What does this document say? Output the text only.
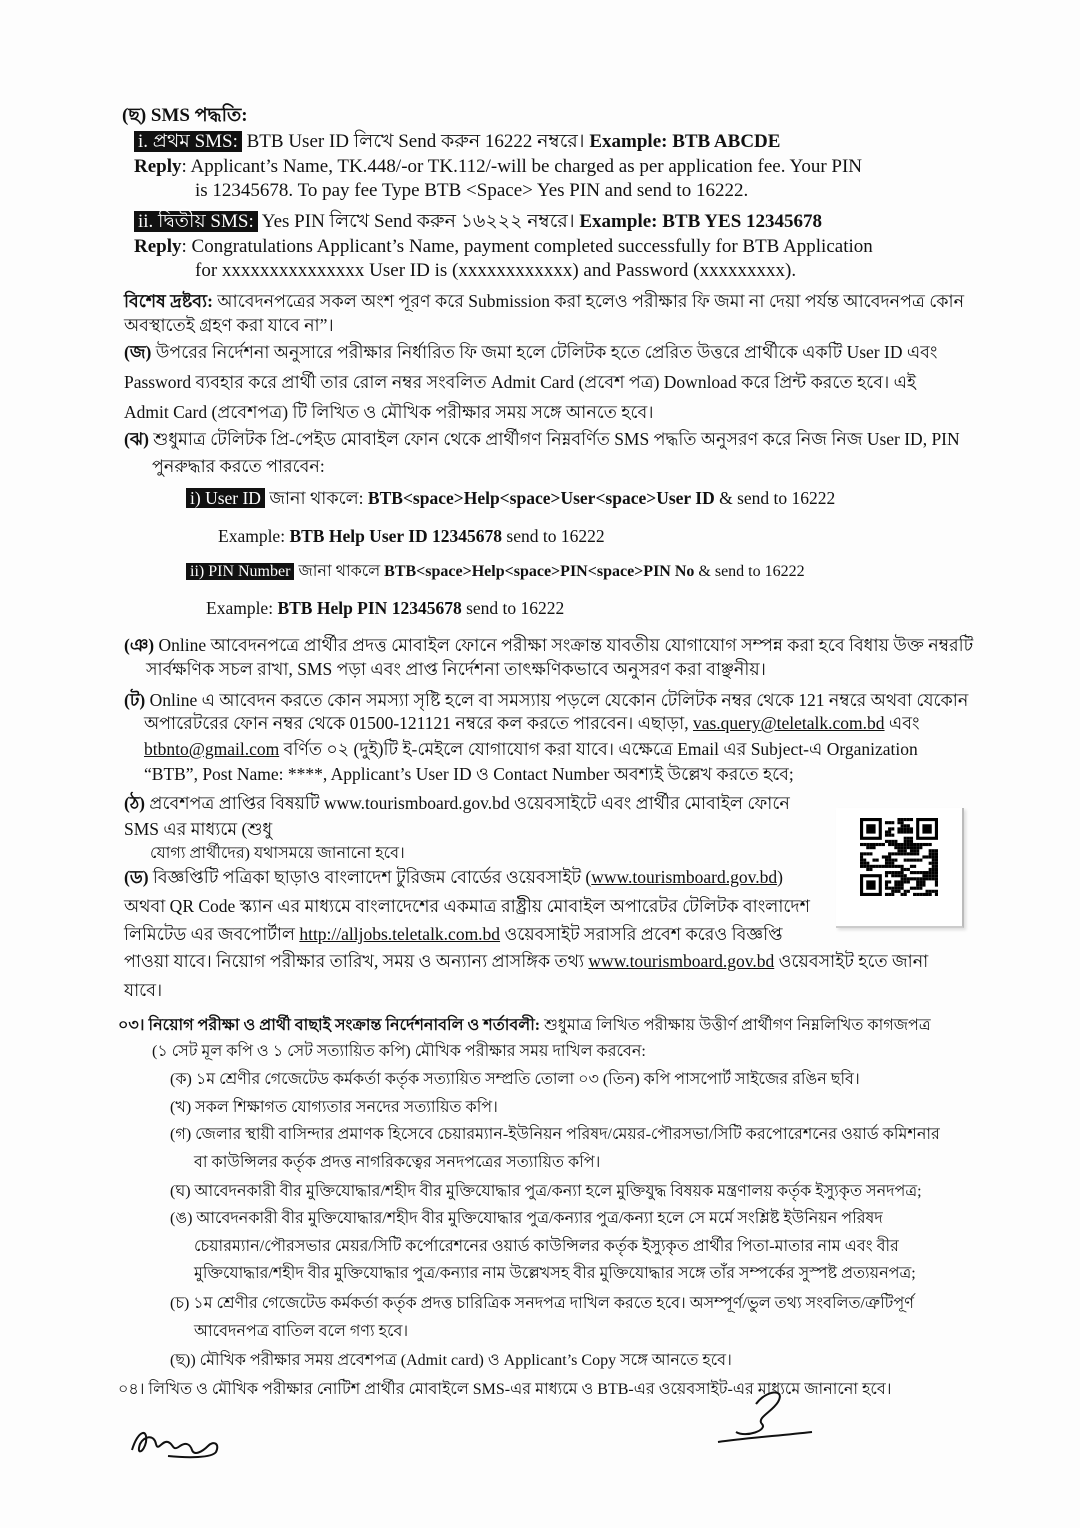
(ছ) SMS পদ্ধতি:
i. প্রথম SMS: BTB User ID লিখে Send করুন 16222 নম্বরে। Example: BTB ABCDE
Reply: Applicant’s Name, TK.448/-or TK.112/-will be charged as per application fee. Your PIN
is 12345678. To pay fee Type BTB <Space> Yes PIN and send to 16222.
ii. দ্বিতীয় SMS: Yes PIN লিখে Send করুন ১৬২২২ নম্বরে। Example: BTB YES 12345678
Reply: Congratulations Applicant’s Name, payment completed successfully for BTB Application
for xxxxxxxxxxxxxxx User ID is (xxxxxxxxxxxx) and Password (xxxxxxxxx).
বিশেষ দ্রষ্টব্য: আবেদনপত্রের সকল অংশ পূরণ করে Submission করা হলেও পরীক্ষার ফি জমা না দেয়া পর্যন্ত আবেদনপত্র কোন
অবস্থাতেই গ্রহণ করা যাবে না”।
(জ) উপরের নির্দেশনা অনুসারে পরীক্ষার নির্ধারিত ফি জমা হলে টেলিটক হতে প্রেরিত উত্তরে প্রার্থীকে একটি User ID এবং
Password ব্যবহার করে প্রার্থী তার রোল নম্বর সংবলিত Admit Card (প্রবেশ পত্র) Download করে প্রিন্ট করতে হবে। এই
Admit Card (প্রবেশপত্র) টি লিখিত ও মৌখিক পরীক্ষার সময় সঙ্গে আনতে হবে।
(ঝ) শুধুমাত্র টেলিটক প্রি-পেইড মোবাইল ফোন থেকে প্রার্থীগণ নিম্নবর্ণিত SMS পদ্ধতি অনুসরণ করে নিজ নিজ User ID, PIN
পুনরুদ্ধার করতে পারবেন:
i) User ID জানা থাকলে: BTB<space>Help<space>User<space>User ID & send to 16222
Example: BTB Help User ID 12345678 send to 16222
ii) PIN Number জানা থাকলে BTB<space>Help<space>PIN<space>PIN No & send to 16222
Example: BTB Help PIN 12345678 send to 16222
(ঞ) Online আবেদনপত্রে প্রার্থীর প্রদত্ত মোবাইল ফোনে পরীক্ষা সংক্রান্ত যাবতীয় যোগাযোগ সম্পন্ন করা হবে বিধায় উক্ত নম্বরটি
সার্বক্ষণিক সচল রাখা, SMS পড়া এবং প্রাপ্ত নির্দেশনা তাৎক্ষণিকভাবে অনুসরণ করা বাঞ্ছনীয়।
(ট) Online এ আবেদন করতে কোন সমস্যা সৃষ্টি হলে বা সমস্যায় পড়লে যেকোন টেলিটক নম্বর থেকে 121 নম্বরে অথবা যেকোন
অপারেটরের ফোন নম্বর থেকে 01500-121121 নম্বরে কল করতে পারবেন। এছাড়া, vas.query@teletalk.com.bd এবং
btbnto@gmail.com বর্ণিত ০২ (দুই)টি ই-মেইলে যোগাযোগ করা যাবে। এক্ষেত্রে Email এর Subject-এ Organization
“BTB”, Post Name: ****, Applicant’s User ID ও Contact Number অবশ্যই উল্লেখ করতে হবে;
(ঠ) প্রবেশপত্র প্রাপ্তির বিষয়টি www.tourismboard.gov.bd ওয়েবসাইটে এবং প্রার্থীর মোবাইল ফোনে
SMS এর মাধ্যমে (শুধু
যোগ্য প্রার্থীদের) যথাসময়ে জানানো হবে।
(ড) বিজ্ঞপ্তিটি পত্রিকা ছাড়াও বাংলাদেশ টুরিজম বোর্ডের ওয়েবসাইট (www.tourismboard.gov.bd)
অথবা QR Code স্ক্যান এর মাধ্যমে বাংলাদেশের একমাত্র রাষ্ট্রীয় মোবাইল অপারেটর টেলিটক বাংলাদেশ
লিমিটেড এর জবপোর্টাল http://alljobs.teletalk.com.bd ওয়েবসাইট সরাসরি প্রবেশ করেও বিজ্ঞপ্তি
পাওয়া যাবে। নিয়োগ পরীক্ষার তারিখ, সময় ও অন্যান্য প্রাসঙ্গিক তথ্য www.tourismboard.gov.bd ওয়েবসাইট হতে জানা
যাবে।
০৩। নিয়োগ পরীক্ষা ও প্রার্থী বাছাই সংক্রান্ত নির্দেশনাবলি ও শর্তাবলী: শুধুমাত্র লিখিত পরীক্ষায় উত্তীর্ণ প্রার্থীগণ নিম্নলিখিত কাগজপত্র
(১ সেট মূল কপি ও ১ সেট সত্যায়িত কপি) মৌখিক পরীক্ষার সময় দাখিল করবেন:
(ক) ১ম শ্রেণীর গেজেটেড কর্মকর্তা কর্তৃক সত্যায়িত সম্প্রতি তোলা ০৩ (তিন) কপি পাসপোর্ট সাইজের রঙিন ছবি।
(খ) সকল শিক্ষাগত যোগ্যতার সনদের সত্যায়িত কপি।
(গ) জেলার স্থায়ী বাসিন্দার প্রমাণক হিসেবে চেয়ারম্যান-ইউনিয়ন পরিষদ/মেয়র-পৌরসভা/সিটি করপোরেশনের ওয়ার্ড কমিশনার
বা কাউন্সিলর কর্তৃক প্রদত্ত নাগরিকত্বের সনদপত্রের সত্যায়িত কপি।
(ঘ) আবেদনকারী বীর মুক্তিযোদ্ধার/শহীদ বীর মুক্তিযোদ্ধার পুত্র/কন্যা হলে মুক্তিযুদ্ধ বিষয়ক মন্ত্রণালয় কর্তৃক ইস্যুকৃত সনদপত্র;
(ঙ) আবেদনকারী বীর মুক্তিযোদ্ধার/শহীদ বীর মুক্তিযোদ্ধার পুত্র/কন্যার পুত্র/কন্যা হলে সে মর্মে সংশ্লিষ্ট ইউনিয়ন পরিষদ
চেয়ারম্যান/পৌরসভার মেয়র/সিটি কর্পোরেশনের ওয়ার্ড কাউন্সিলর কর্তৃক ইস্যুকৃত প্রার্থীর পিতা-মাতার নাম এবং বীর
মুক্তিযোদ্ধার/শহীদ বীর মুক্তিযোদ্ধার পুত্র/কন্যার নাম উল্লেখসহ বীর মুক্তিযোদ্ধার সঙ্গে তাঁর সম্পর্কের সুস্পষ্ট প্রত্যয়নপত্র;
(চ) ১ম শ্রেণীর গেজেটেড কর্মকর্তা কর্তৃক প্রদত্ত চারিত্রিক সনদপত্র দাখিল করতে হবে। অসম্পূর্ণ/ভুল তথ্য সংবলিত/ত্রুটিপূর্ণ
আবেদনপত্র বাতিল বলে গণ্য হবে।
(ছ)) মৌখিক পরীক্ষার সময় প্রবেশপত্র (Admit card) ও Applicant’s Copy সঙ্গে আনতে হবে।
০৪। লিখিত ও মৌখিক পরীক্ষার নোটিশ প্রার্থীর মোবাইলে SMS-এর মাধ্যমে ও BTB-এর ওয়েবসাইট-এর মাধ্যমে জানানো হবে।
